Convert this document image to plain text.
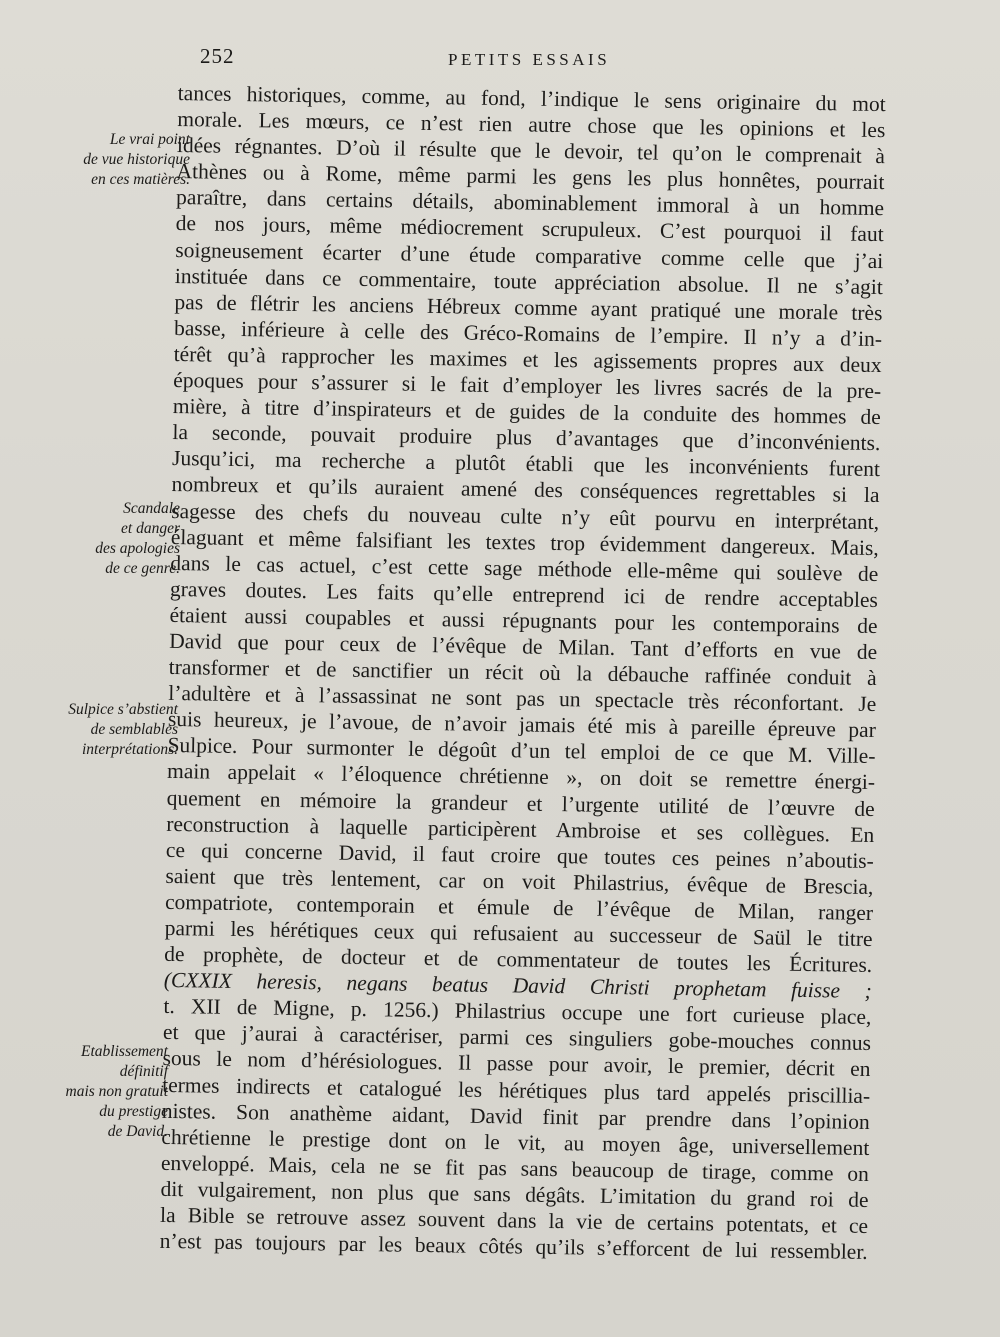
252	PETITS ESSAIS
tances historiques, comme, au fond, l’indique le sens originaire du mot
morale. Les mœurs, ce n’est rien autre chose que les opinions et les
idées régnantes. D’où il résulte que le devoir, tel qu’on le comprenait à
Athènes ou à Rome, même parmi les gens les plus honnêtes, pourrait
paraître, dans certains détails, abominablement immoral à un homme
de nos jours, même médiocrement scrupuleux. C’est pourquoi il faut
soigneusement écarter d’une étude comparative comme celle que j’ai
instituée dans ce commentaire, toute appréciation absolue. Il ne s’agit
pas de flétrir les anciens Hébreux comme ayant pratiqué une morale très
basse, inférieure à celle des Gréco-Romains de l’empire. Il n’y a d’in-
térêt qu’à rapprocher les maximes et les agissements propres aux deux
époques pour s’assurer si le fait d’employer les livres sacrés de la pre-
mière, à titre d’inspirateurs et de guides de la conduite des hommes de
la seconde, pouvait produire plus d’avantages que d’inconvénients.
Jusqu’ici, ma recherche a plutôt établi que les inconvénients furent
nombreux et qu’ils auraient amené des conséquences regrettables si la
sagesse des chefs du nouveau culte n’y eût pourvu en interprétant,
élaguant et même falsifiant les textes trop évidemment dangereux. Mais,
dans le cas actuel, c’est cette sage méthode elle-même qui soulève de
graves doutes. Les faits qu’elle entreprend ici de rendre acceptables
étaient aussi coupables et aussi répugnants pour les contemporains de
David que pour ceux de l’évêque de Milan. Tant d’efforts en vue de
transformer et de sanctifier un récit où la débauche raffinée conduit à
l’adultère et à l’assassinat ne sont pas un spectacle très réconfortant. Je
suis heureux, je l’avoue, de n’avoir jamais été mis à pareille épreuve par
Sulpice. Pour surmonter le dégoût d’un tel emploi de ce que M. Ville-
main appelait « l’éloquence chrétienne », on doit se remettre énergi-
quement en mémoire la grandeur et l’urgente utilité de l’œuvre de
reconstruction à laquelle participèrent Ambroise et ses collègues. En
ce qui concerne David, il faut croire que toutes ces peines n’aboutis-
saient que très lentement, car on voit Philastrius, évêque de Brescia,
compatriote, contemporain et émule de l’évêque de Milan, ranger
parmi les hérétiques ceux qui refusaient au successeur de Saül le titre
de prophète, de docteur et de commentateur de toutes les Écritures.
(CXXIX heresis, negans beatus David Christi prophetam fuisse ;
t. XII de Migne, p. 1256.) Philastrius occupe une fort curieuse place,
et que j’aurai à caractériser, parmi ces singuliers gobe-mouches connus
sous le nom d’hérésiologues. Il passe pour avoir, le premier, décrit en
termes indirects et catalogué les hérétiques plus tard appelés priscillia-
nistes. Son anathème aidant, David finit par prendre dans l’opinion
chrétienne le prestige dont on le vit, au moyen âge, universellement
enveloppé. Mais, cela ne se fit pas sans beaucoup de tirage, comme on
dit vulgairement, non plus que sans dégâts. L’imitation du grand roi de
la Bible se retrouve assez souvent dans la vie de certains potentats, et ce
n’est pas toujours par les beaux côtés qu’ils s’efforcent de lui ressembler.
Le vrai point
de vue historique
en ces matières.
Scandale
et danger
des apologies
de ce genre.
Sulpice s’abstient
de semblables
interprétations.
Etablissement
définitif
mais non gratuit
du prestige
de David.
